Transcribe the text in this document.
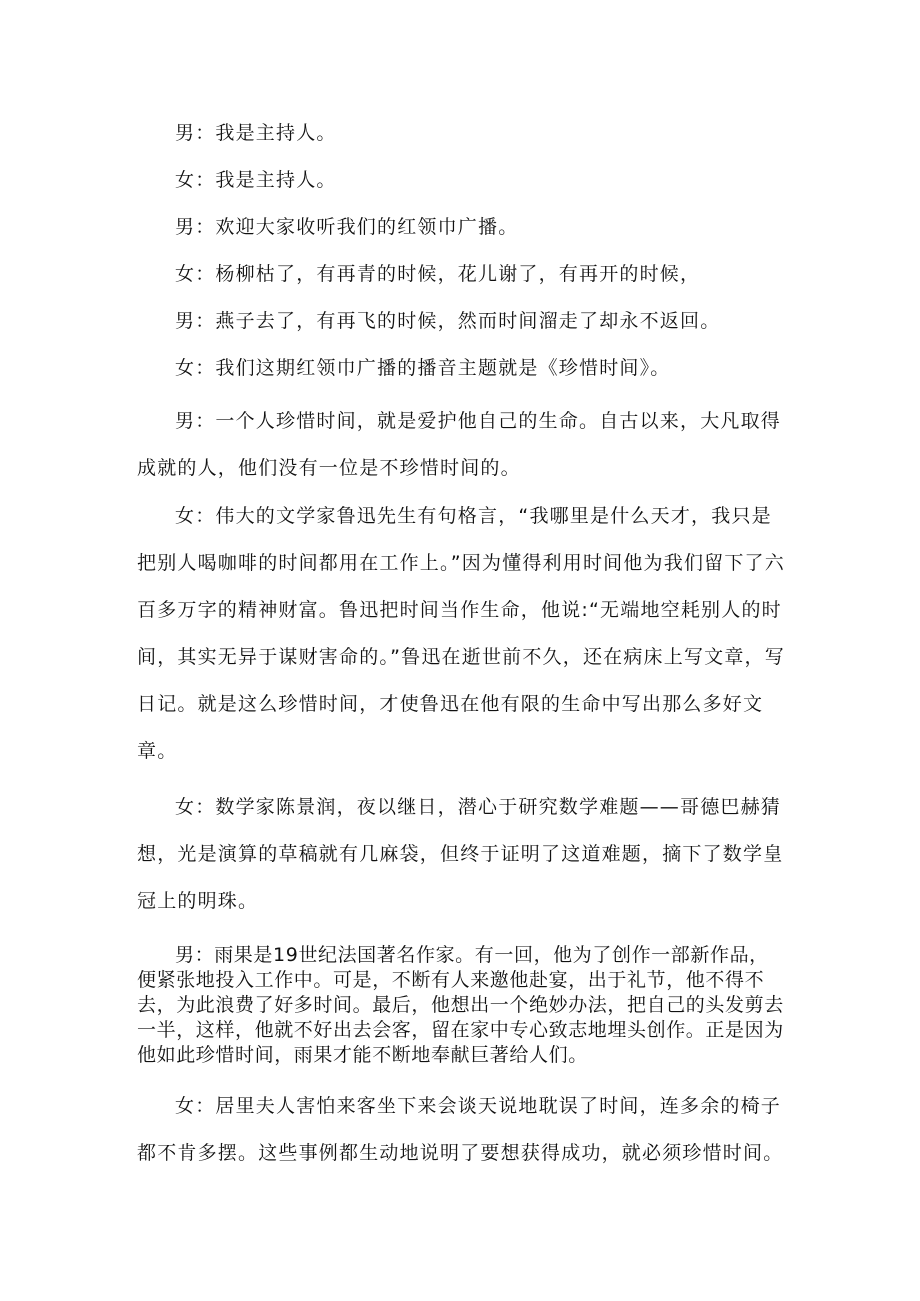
男：我是主持人。

女：我是主持人。

男：欢迎大家收听我们的红领巾广播。

女：杨柳枯了，有再青的时候，花儿谢了，有再开的时候，

男：燕子去了，有再飞的时候，然而时间溜走了却永不返回。

女：我们这期红领巾广播的播音主题就是《珍惜时间》。

男：一个人珍惜时间，就是爱护他自己的生命。自古以来，大凡取得成就的人，他们没有一位是不珍惜时间的。

女：伟大的文学家鲁迅先生有句格言，“我哪里是什么天才，我只是把别人喝咖啡的时间都用在工作上。”因为懂得利用时间他为我们留下了六百多万字的精神财富。鲁迅把时间当作生命，他说:“无端地空耗别人的时间，其实无异于谋财害命的。”鲁迅在逝世前不久，还在病床上写文章，写日记。就是这么珍惜时间，才使鲁迅在他有限的生命中写出那么多好文章。

女：数学家陈景润，夜以继日，潜心于研究数学难题——哥德巴赫猜想，光是演算的草稿就有几麻袋，但终于证明了这道难题，摘下了数学皇冠上的明珠。

男：雨果是19世纪法国著名作家。有一回，他为了创作一部新作品，便紧张地投入工作中。可是，不断有人来邀他赴宴，出于礼节，他不得不去，为此浪费了好多时间。最后，他想出一个绝妙办法，把自己的头发剪去一半，这样，他就不好出去会客，留在家中专心致志地埋头创作。正是因为他如此珍惜时间，雨果才能不断地奉献巨著给人们。

女：居里夫人害怕来客坐下来会谈天说地耽误了时间，连多余的椅子都不肯多摆。这些事例都生动地说明了要想获得成功，就必须珍惜时间。
